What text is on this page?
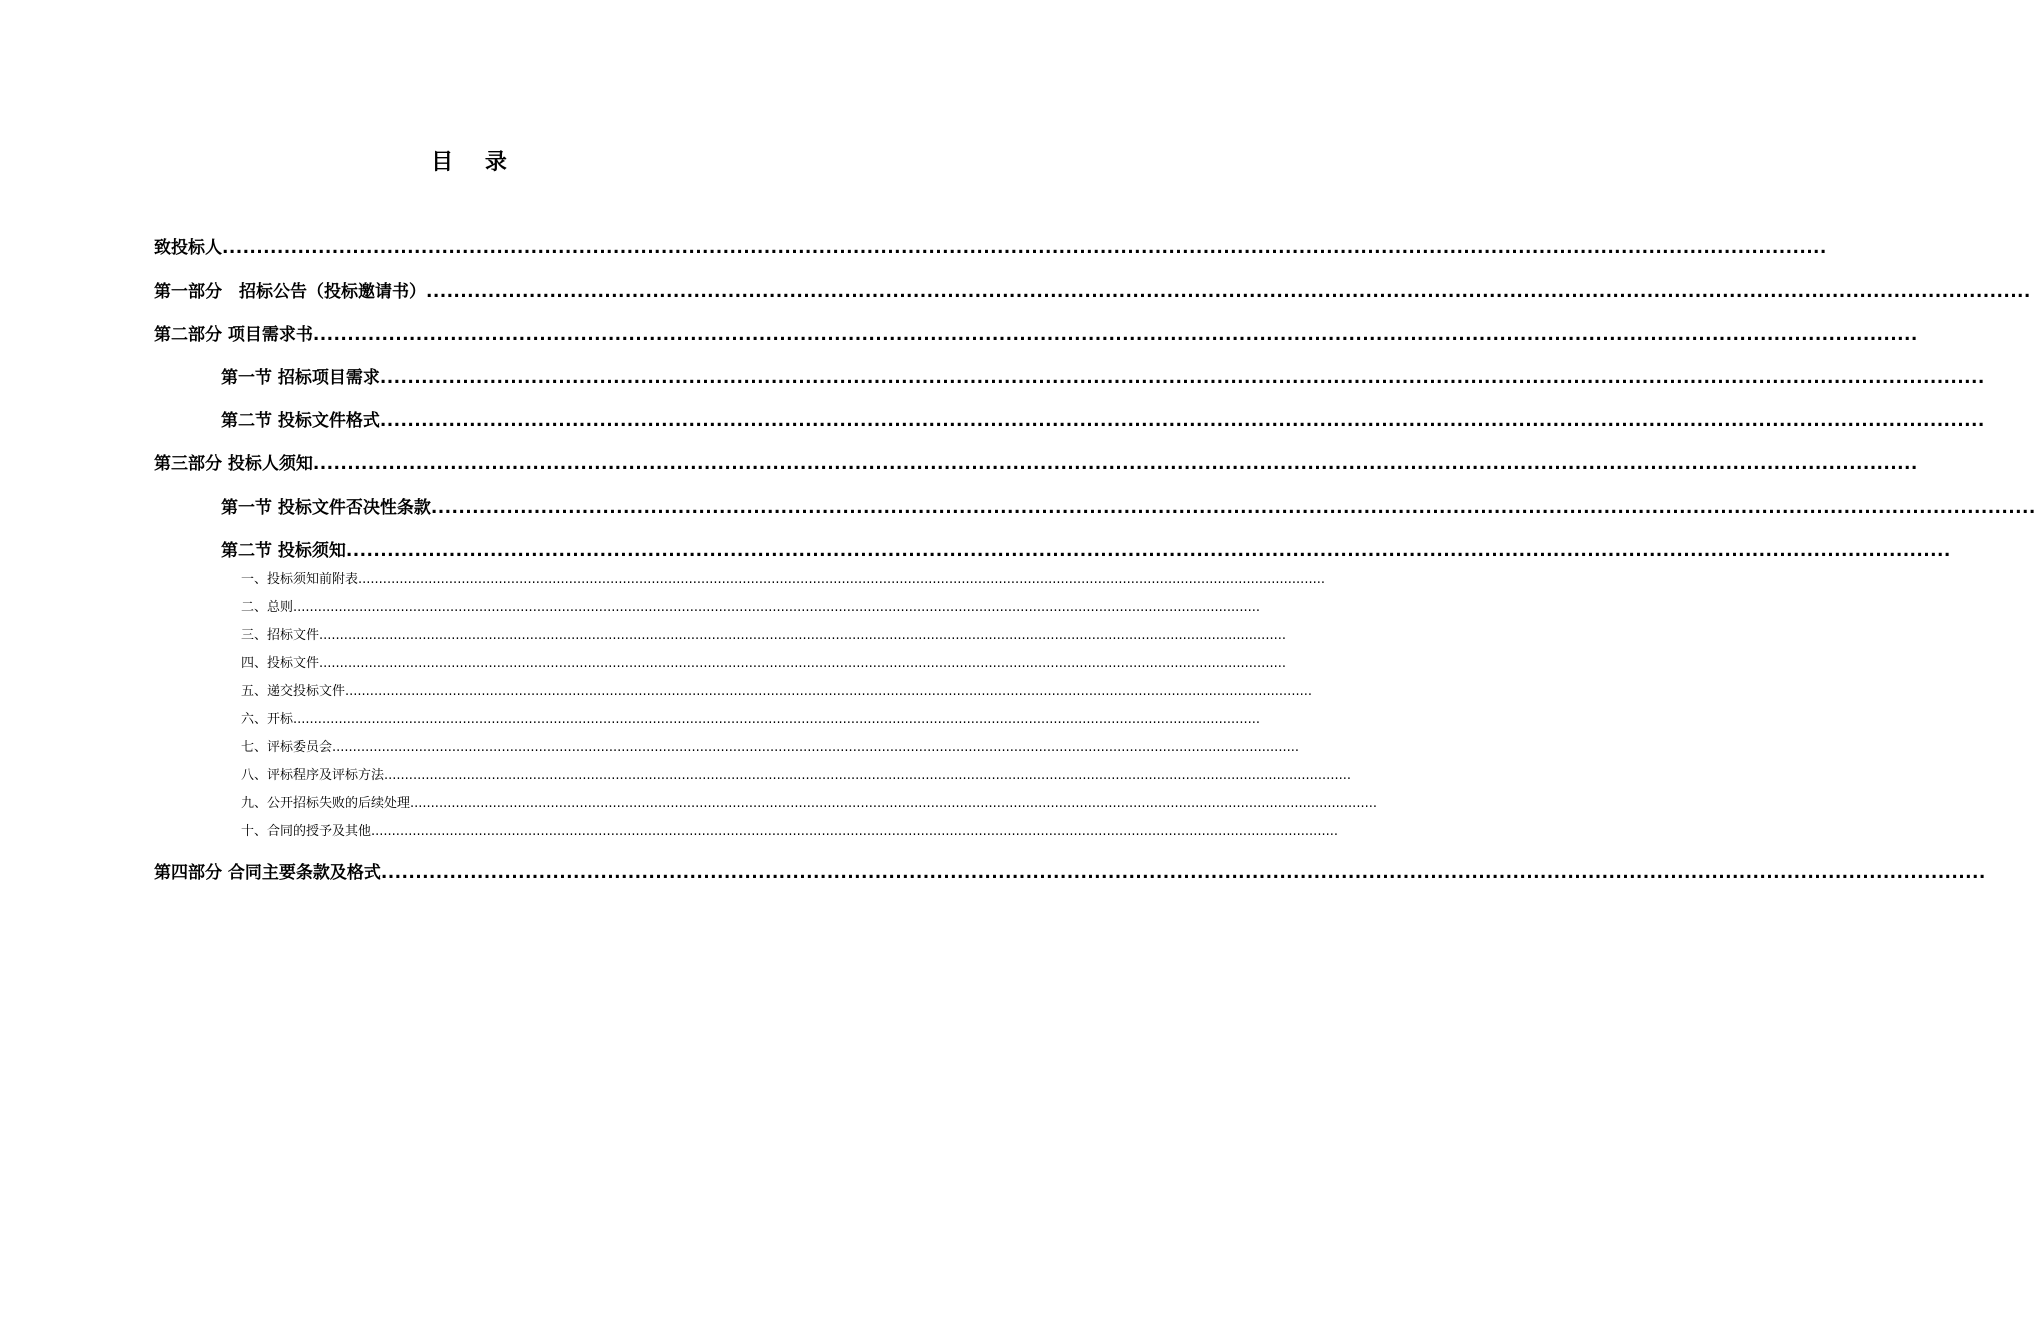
目 录
致投标人 ..........................................................................................................................................................................................................................................
第一部分　招标公告（投标邀请书） ..........................................................................................................................................................................................................................................
第二部分 项目需求书 ..........................................................................................................................................................................................................................................
第一节 招标项目需求 ..........................................................................................................................................................................................................................................
第二节 投标文件格式 ..........................................................................................................................................................................................................................................
第三部分 投标人须知 ..........................................................................................................................................................................................................................................
第一节 投标文件否决性条款 ..........................................................................................................................................................................................................................................
第二节 投标须知 ..........................................................................................................................................................................................................................................
一、投标须知前附表 ..........................................................................................................................................................................................................................................
二、总则 ..........................................................................................................................................................................................................................................
三、招标文件 ..........................................................................................................................................................................................................................................
四、投标文件 ..........................................................................................................................................................................................................................................
五、递交投标文件 ..........................................................................................................................................................................................................................................
六、开标 ..........................................................................................................................................................................................................................................
七、评标委员会 ..........................................................................................................................................................................................................................................
八、评标程序及评标方法 ..........................................................................................................................................................................................................................................
九、公开招标失败的后续处理 ..........................................................................................................................................................................................................................................
十、合同的授予及其他 ..........................................................................................................................................................................................................................................
第四部分 合同主要条款及格式 ..........................................................................................................................................................................................................................................
